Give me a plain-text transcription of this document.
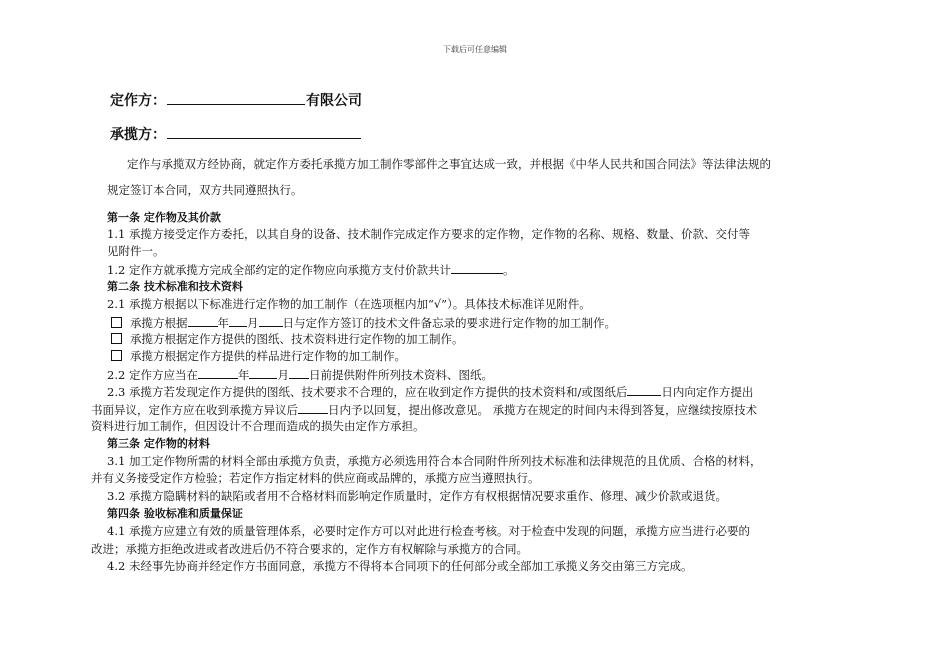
下载后可任意编辑
定作方：	有限公司
承揽方：
定作与承揽双方经协商，就定作方委托承揽方加工制作零部件之事宜达成一致，并根据《中华人民共和国合同法》等法律法规的
规定签订本合同，双方共同遵照执行。
第一条 定作物及其价款
1.1 承揽方接受定作方委托，以其自身的设备、技术制作完成定作方要求的定作物，定作物的名称、规格、数量、价款、交付等
见附件一。
1.2 定作方就承揽方完成全部约定的定作物应向承揽方支付价款共计	。
第二条 技术标准和技术资料
2.1 承揽方根据以下标准进行定作物的加工制作（在选项框内加“√”）。具体技术标准详见附件。
承揽方根据	年 月 日与定作方签订的技术文件备忘录的要求进行定作物的加工制作。
承揽方根据定作方提供的图纸、技术资料进行定作物的加工制作。
承揽方根据定作方提供的样品进行定作物的加工制作。
2.2 定作方应当在	年 月 日前提供附件所列技术资料、图纸。
2.3 承揽方若发现定作方提供的图纸、技术要求不合理的，应在收到定作方提供的技术资料和/或图纸后	日内向定作方提出
书面异议，定作方应在收到承揽方异议后	日内予以回复，提出修改意见。 承揽方在规定的时间内未得到答复，应继续按原技术
资料进行加工制作，但因设计不合理而造成的损失由定作方承担。
第三条 定作物的材料
3.1 加工定作物所需的材料全部由承揽方负责，承揽方必须选用符合本合同附件所列技术标准和法律规范的且优质、合格的材料，
并有义务接受定作方检验；若定作方指定材料的供应商或品牌的，承揽方应当遵照执行。
3.2 承揽方隐瞒材料的缺陷或者用不合格材料而影响定作质量时，定作方有权根据情况要求重作、修理、减少价款或退货。
第四条 验收标准和质量保证
4.1 承揽方应建立有效的质量管理体系，必要时定作方可以对此进行检查考核。对于检查中发现的问题，承揽方应当进行必要的
改进；承揽方拒绝改进或者改进后仍不符合要求的，定作方有权解除与承揽方的合同。
4.2 未经事先协商并经定作方书面同意，承揽方不得将本合同项下的任何部分或全部加工承揽义务交由第三方完成。
